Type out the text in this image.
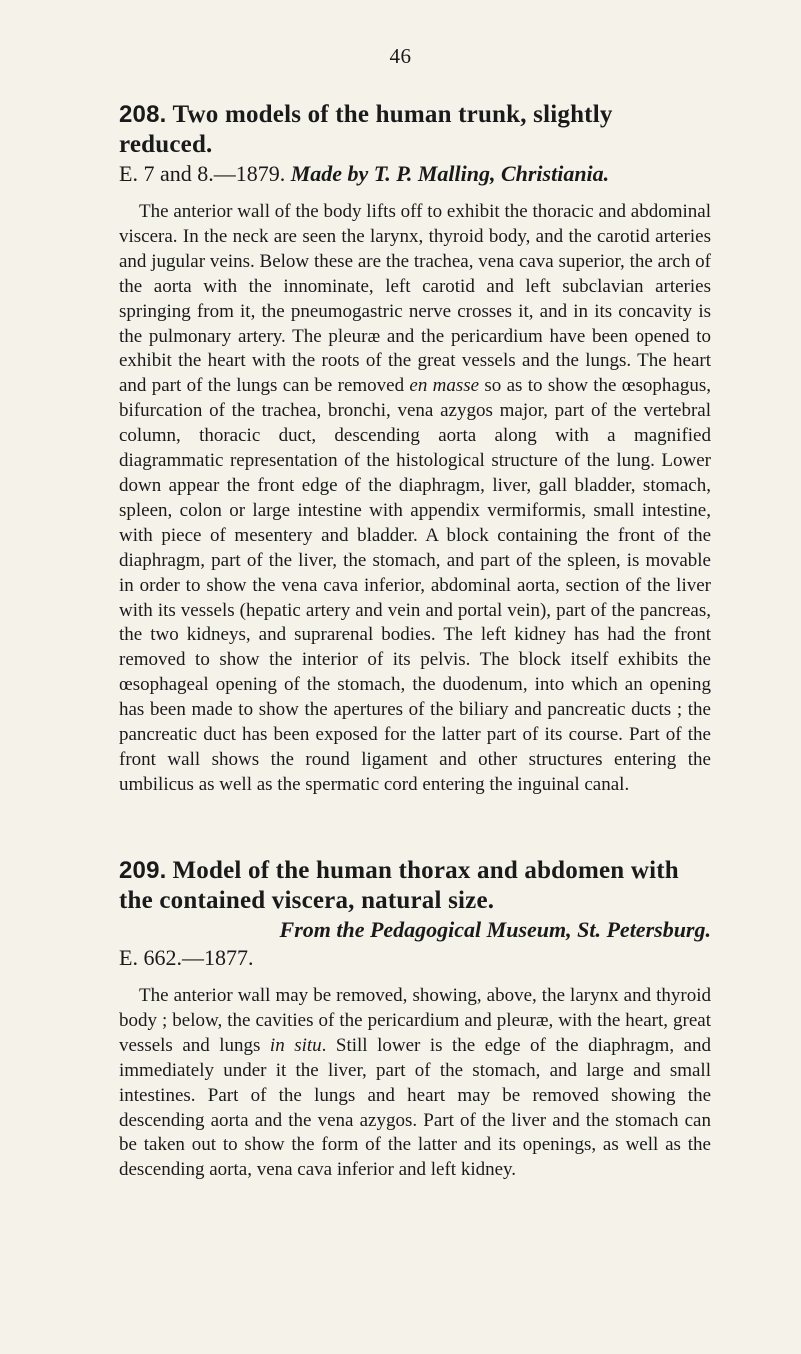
46

208. Two models of the human trunk, slightly reduced.

E. 7 and 8.—1879. Made by T. P. Malling, Christiania.

The anterior wall of the body lifts off to exhibit the thoracic and abdominal viscera. In the neck are seen the larynx, thyroid body, and the carotid arteries and jugular veins. Below these are the trachea, vena cava superior, the arch of the aorta with the innominate, left carotid and left subclavian arteries springing from it, the pneumogastric nerve crosses it, and in its concavity is the pulmonary artery. The pleuræ and the pericardium have been opened to exhibit the heart with the roots of the great vessels and the lungs. The heart and part of the lungs can be removed en masse so as to show the œsophagus, bifurcation of the trachea, bronchi, vena azygos major, part of the vertebral column, thoracic duct, descending aorta along with a magnified diagrammatic representation of the histological structure of the lung. Lower down appear the front edge of the diaphragm, liver, gall bladder, stomach, spleen, colon or large intestine with appendix vermiformis, small intestine, with piece of mesentery and bladder. A block containing the front of the diaphragm, part of the liver, the stomach, and part of the spleen, is movable in order to show the vena cava inferior, abdominal aorta, section of the liver with its vessels (hepatic artery and vein and portal vein), part of the pancreas, the two kidneys, and suprarenal bodies. The left kidney has had the front removed to show the interior of its pelvis. The block itself exhibits the œsophageal opening of the stomach, the duodenum, into which an opening has been made to show the apertures of the biliary and pancreatic ducts ; the pancreatic duct has been exposed for the latter part of its course. Part of the front wall shows the round ligament and other structures entering the umbilicus as well as the spermatic cord entering the inguinal canal.

209. Model of the human thorax and abdomen with the contained viscera, natural size.

From the Pedagogical Museum, St. Petersburg.

E. 662.—1877.

The anterior wall may be removed, showing, above, the larynx and thyroid body ; below, the cavities of the pericardium and pleuræ, with the heart, great vessels and lungs in situ. Still lower is the edge of the diaphragm, and immediately under it the liver, part of the stomach, and large and small intestines. Part of the lungs and heart may be removed showing the descending aorta and the vena azygos. Part of the liver and the stomach can be taken out to show the form of the latter and its openings, as well as the descending aorta, vena cava inferior and left kidney.
